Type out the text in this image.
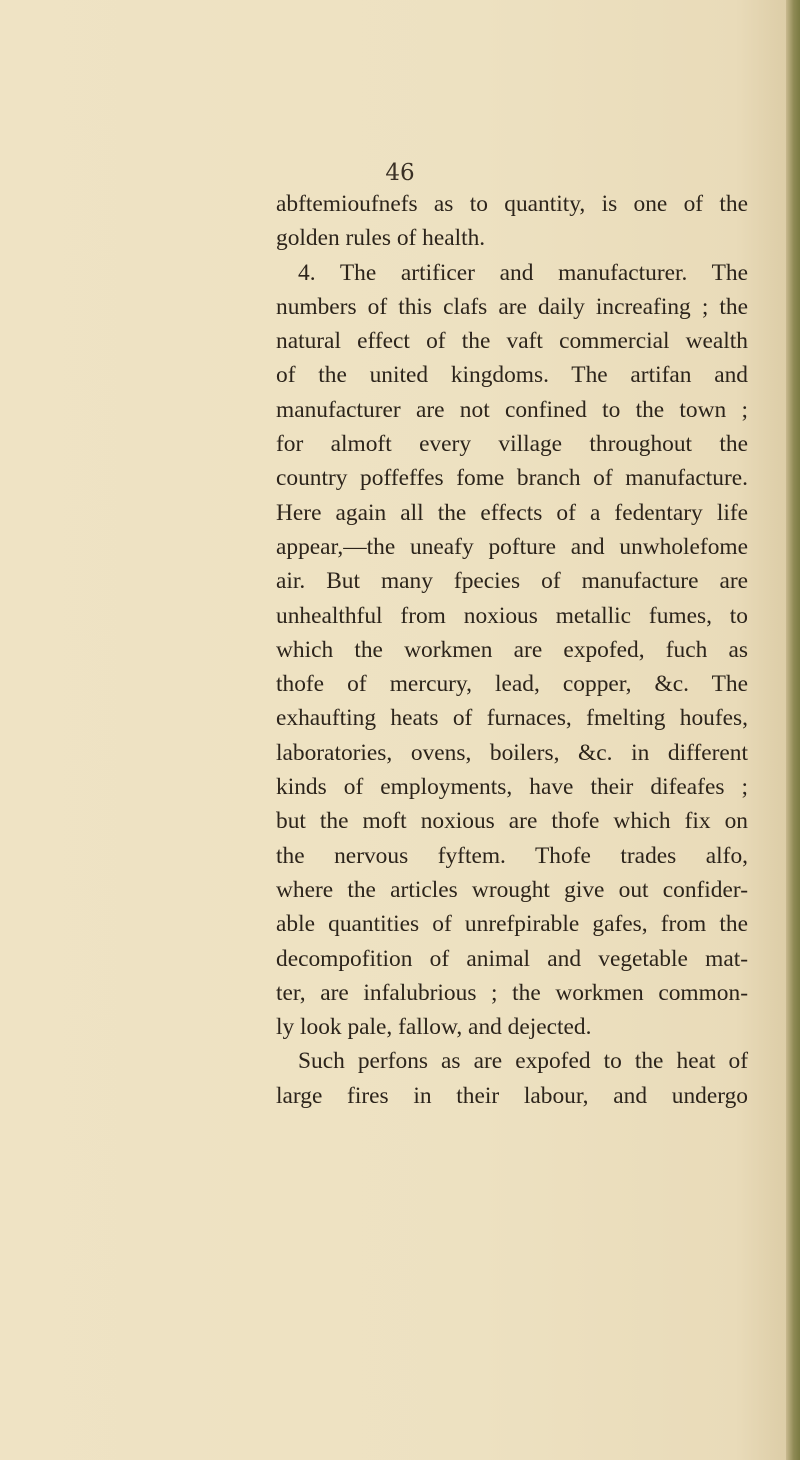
46
abftemioufnefs as to quantity, is one of the
golden rules of health.
4. The artificer and manufacturer. The
numbers of this clafs are daily increafing ; the
natural effect of the vaft commercial wealth
of the united kingdoms. The artifan and
manufacturer are not confined to the town ;
for almoft every village throughout the
country poffeffes fome branch of manufacture.
Here again all the effects of a fedentary life
appear,—the uneafy pofture and unwholefome
air. But many fpecies of manufacture are
unhealthful from noxious metallic fumes, to
which the workmen are expofed, fuch as
thofe of mercury, lead, copper, &c. The
exhaufting heats of furnaces, fmelting houfes,
laboratories, ovens, boilers, &c. in different
kinds of employments, have their difeafes ;
but the moft noxious are thofe which fix on
the nervous fyftem. Thofe trades alfo,
where the articles wrought give out confider-
able quantities of unrefpirable gafes, from the
decompofition of animal and vegetable mat-
ter, are infalubrious ; the workmen common-
ly look pale, fallow, and dejected.
Such perfons as are expofed to the heat of
large fires in their labour, and undergo
